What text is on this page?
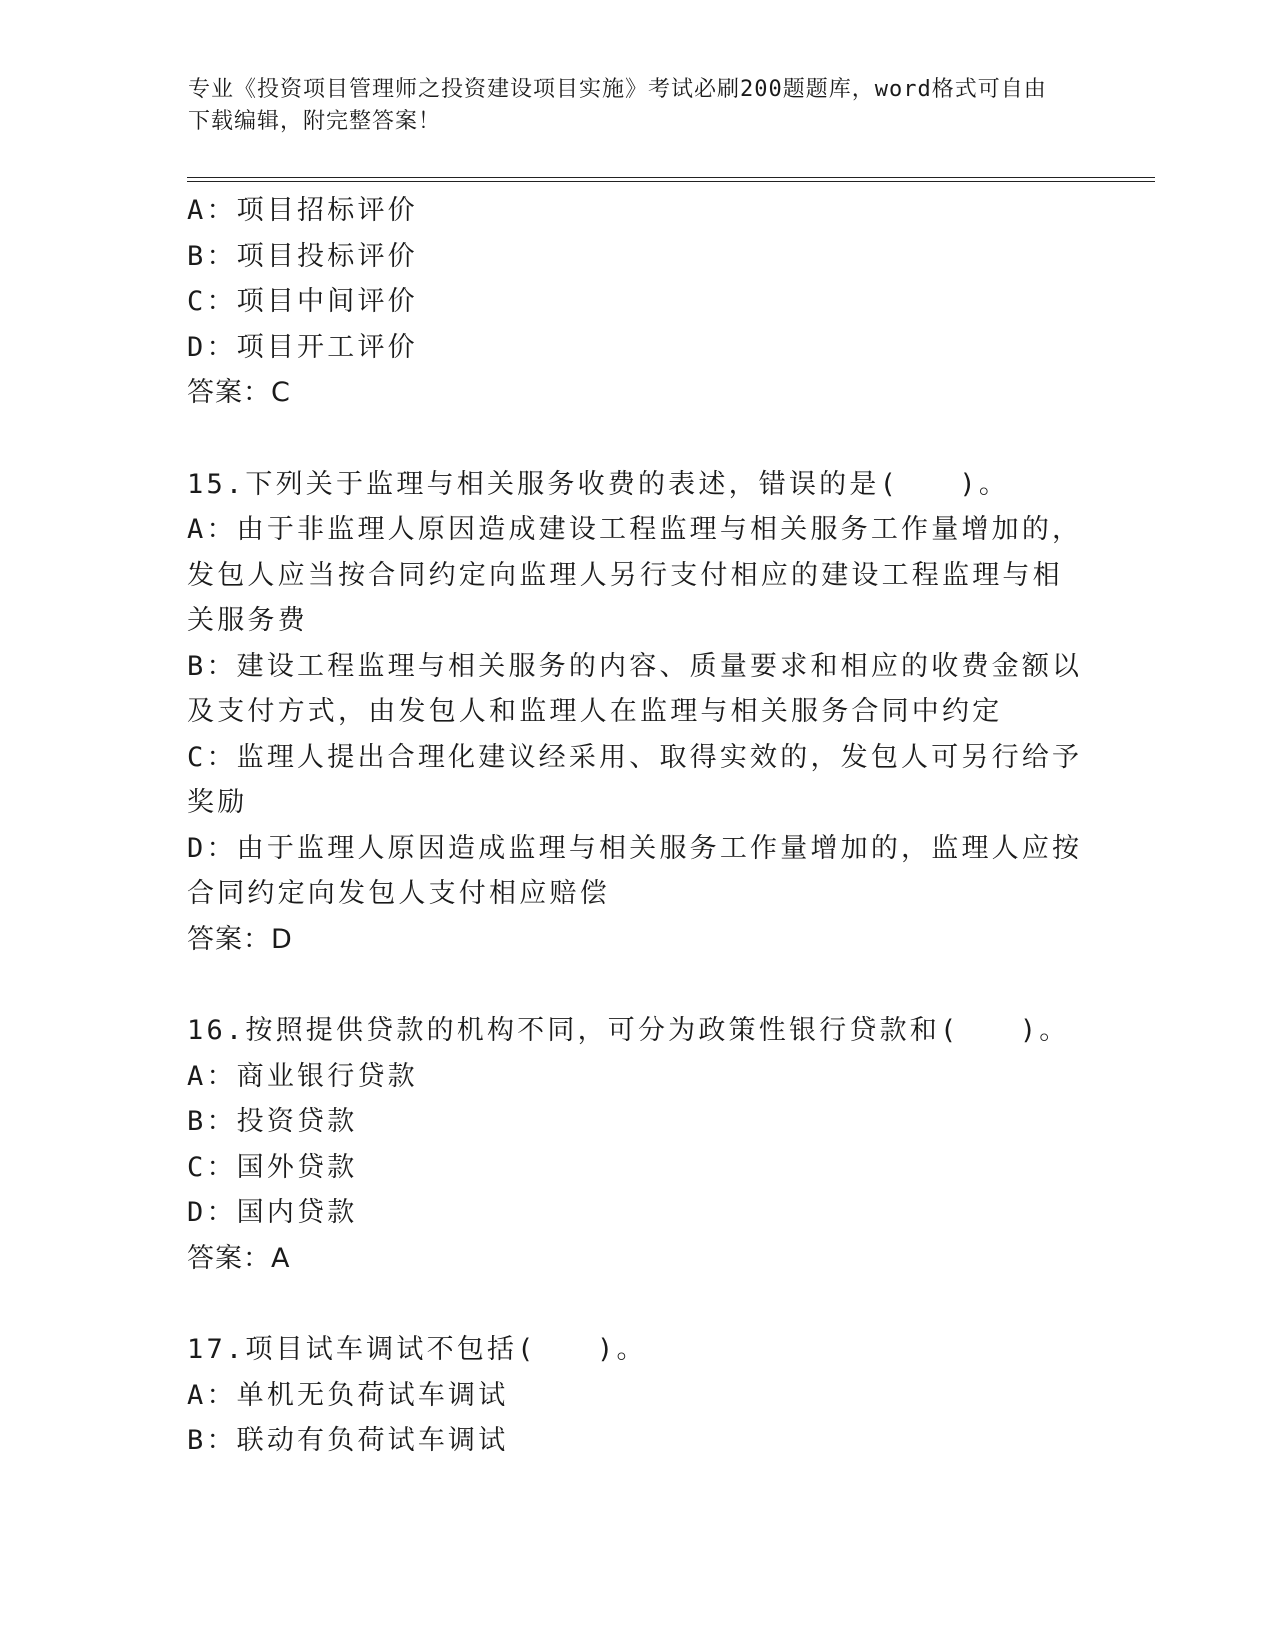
专业《投资项目管理师之投资建设项目实施》考试必刷200题题库，word格式可自由下载编辑，附完整答案！
A：项目招标评价
B：项目投标评价
C：项目中间评价
D：项目开工评价
答案：C
15.下列关于监理与相关服务收费的表述，错误的是(　　)。
A：由于非监理人原因造成建设工程监理与相关服务工作量增加的，发包人应当按合同约定向监理人另行支付相应的建设工程监理与相关服务费
B：建设工程监理与相关服务的内容、质量要求和相应的收费金额以及支付方式，由发包人和监理人在监理与相关服务合同中约定
C：监理人提出合理化建议经采用、取得实效的，发包人可另行给予奖励
D：由于监理人原因造成监理与相关服务工作量增加的，监理人应按合同约定向发包人支付相应赔偿
答案：D
16.按照提供贷款的机构不同，可分为政策性银行贷款和(　　)。
A：商业银行贷款
B：投资贷款
C：国外贷款
D：国内贷款
答案：A
17.项目试车调试不包括(　　)。
A：单机无负荷试车调试
B：联动有负荷试车调试
